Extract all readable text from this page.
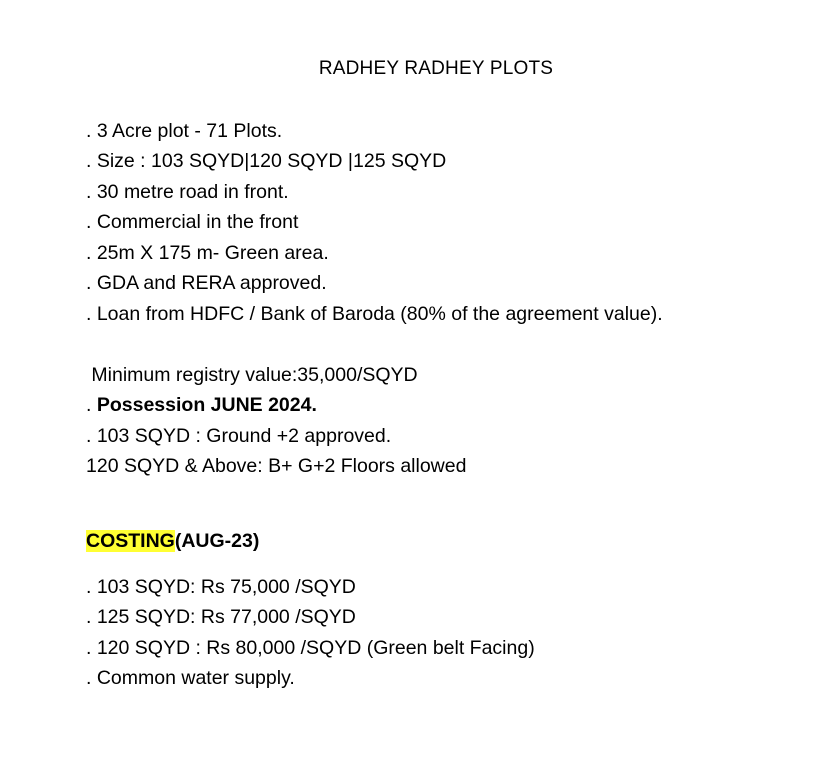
RADHEY RADHEY PLOTS
. 3 Acre plot - 71 Plots.
. Size : 103 SQYD|120 SQYD |125 SQYD
. 30 metre road in front.
. Commercial in the front
. 25m X 175 m- Green area.
. GDA and RERA approved.
. Loan from HDFC / Bank of Baroda (80% of the agreement value).
Minimum registry value:35,000/SQYD
. Possession JUNE 2024.
. 103 SQYD : Ground +2 approved.
120 SQYD & Above: B+ G+2 Floors allowed
COSTING(AUG-23)
. 103 SQYD: Rs 75,000 /SQYD
. 125 SQYD: Rs 77,000 /SQYD
. 120 SQYD : Rs 80,000 /SQYD (Green belt Facing)
. Common water supply.
